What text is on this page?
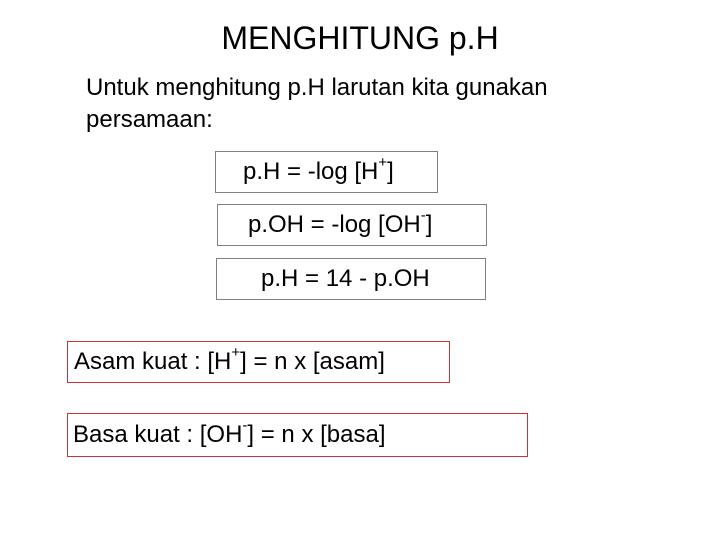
MENGHITUNG p.H
Untuk menghitung p.H larutan kita gunakan persamaan:
p.H = -log [H+]
p.OH = -log [OH-]
p.H = 14 - p.OH
Asam kuat : [H+] = n x [asam]
Basa kuat : [OH-] = n x [basa]
